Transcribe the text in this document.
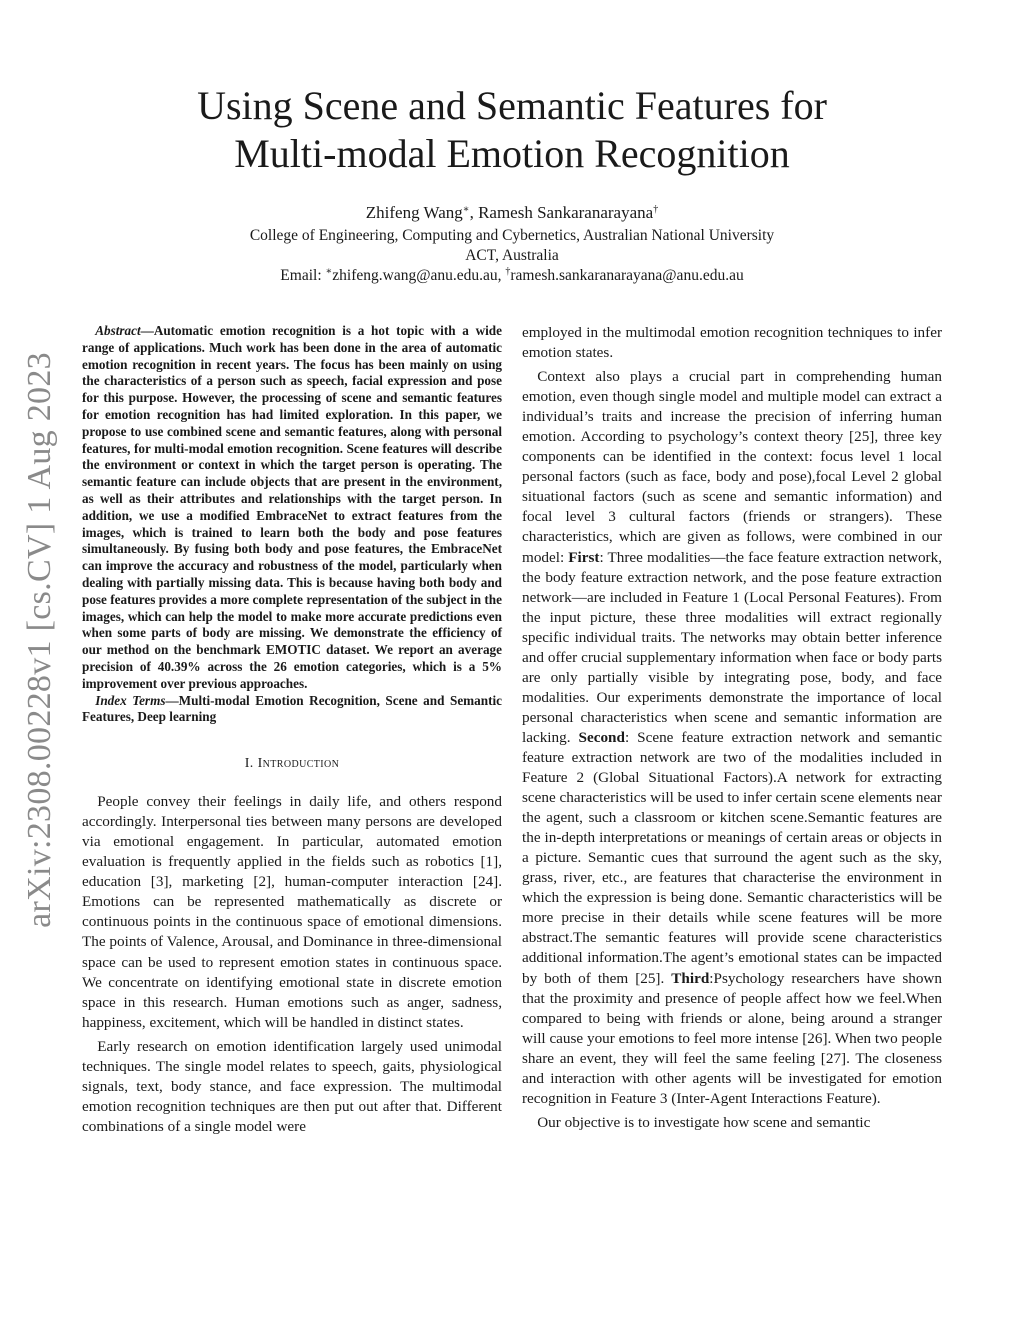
arXiv:2308.00228v1 [cs.CV] 1 Aug 2023
Using Scene and Semantic Features for
Multi-modal Emotion Recognition
Zhifeng Wang∗, Ramesh Sankaranarayana†
College of Engineering, Computing and Cybernetics, Australian National University
ACT, Australia
Email: ∗zhifeng.wang@anu.edu.au, †ramesh.sankaranarayana@anu.edu.au

Abstract—Automatic emotion recognition is a hot topic with a wide range of applications. Much work has been done in the area of automatic emotion recognition in recent years. The focus has been mainly on using the characteristics of a person such as speech, facial expression and pose for this purpose. However, the processing of scene and semantic features for emotion recognition has had limited exploration. In this paper, we propose to use combined scene and semantic features, along with personal features, for multi-modal emotion recognition. Scene features will describe the environment or context in which the target person is operating. The semantic feature can include objects that are present in the environment, as well as their attributes and relationships with the target person. In addition, we use a modified EmbraceNet to extract features from the images, which is trained to learn both the body and pose features simultaneously. By fusing both body and pose features, the EmbraceNet can improve the accuracy and robustness of the model, particularly when dealing with partially missing data. This is because having both body and pose features provides a more complete representation of the subject in the images, which can help the model to make more accurate predictions even when some parts of body are missing. We demonstrate the efficiency of our method on the benchmark EMOTIC dataset. We report an average precision of 40.39% across the 26 emotion categories, which is a 5% improvement over previous approaches.

Index Terms—Multi-modal Emotion Recognition, Scene and Semantic Features, Deep learning

I. Introduction

People convey their feelings in daily life, and others respond accordingly. Interpersonal ties between many persons are developed via emotional engagement. In particular, automated emotion evaluation is frequently applied in the fields such as robotics [1], education [3], marketing [2], human-computer interaction [24]. Emotions can be represented mathematically as discrete or continuous points in the continuous space of emotional dimensions. The points of Valence, Arousal, and Dominance in three-dimensional space can be used to represent emotion states in continuous space. We concentrate on identifying emotional state in discrete emotion space in this research. Human emotions such as anger, sadness, happiness, excitement, which will be handled in distinct states.

Early research on emotion identification largely used unimodal techniques. The single model relates to speech, gaits, physiological signals, text, body stance, and face expression. The multimodal emotion recognition techniques are then put out after that. Different combinations of a single model were

employed in the multimodal emotion recognition techniques to infer emotion states.

Context also plays a crucial part in comprehending human emotion, even though single model and multiple model can extract a individual’s traits and increase the precision of inferring human emotion. According to psychology’s context theory [25], three key components can be identified in the context: focus level 1 local personal factors (such as face, body and pose),focal Level 2 global situational factors (such as scene and semantic information) and focal level 3 cultural factors (friends or strangers). These characteristics, which are given as follows, were combined in our model: First: Three modalities—the face feature extraction network, the body feature extraction network, and the pose feature extraction network—are included in Feature 1 (Local Personal Features). From the input picture, these three modalities will extract regionally specific individual traits. The networks may obtain better inference and offer crucial supplementary information when face or body parts are only partially visible by integrating pose, body, and face modalities. Our experiments demonstrate the importance of local personal characteristics when scene and semantic information are lacking. Second: Scene feature extraction network and semantic feature extraction network are two of the modalities included in Feature 2 (Global Situational Factors).A network for extracting scene characteristics will be used to infer certain scene elements near the agent, such a classroom or kitchen scene.Semantic features are the in-depth interpretations or meanings of certain areas or objects in a picture. Semantic cues that surround the agent such as the sky, grass, river, etc., are features that characterise the environment in which the expression is being done. Semantic characteristics will be more precise in their details while scene features will be more abstract.The semantic features will provide scene characteristics additional information.The agent’s emotional states can be impacted by both of them [25]. Third:Psychology researchers have shown that the proximity and presence of people affect how we feel.When compared to being with friends or alone, being around a stranger will cause your emotions to feel more intense [26]. When two people share an event, they will feel the same feeling [27]. The closeness and interaction with other agents will be investigated for emotion recognition in Feature 3 (Inter-Agent Interactions Feature).

Our objective is to investigate how scene and semantic
